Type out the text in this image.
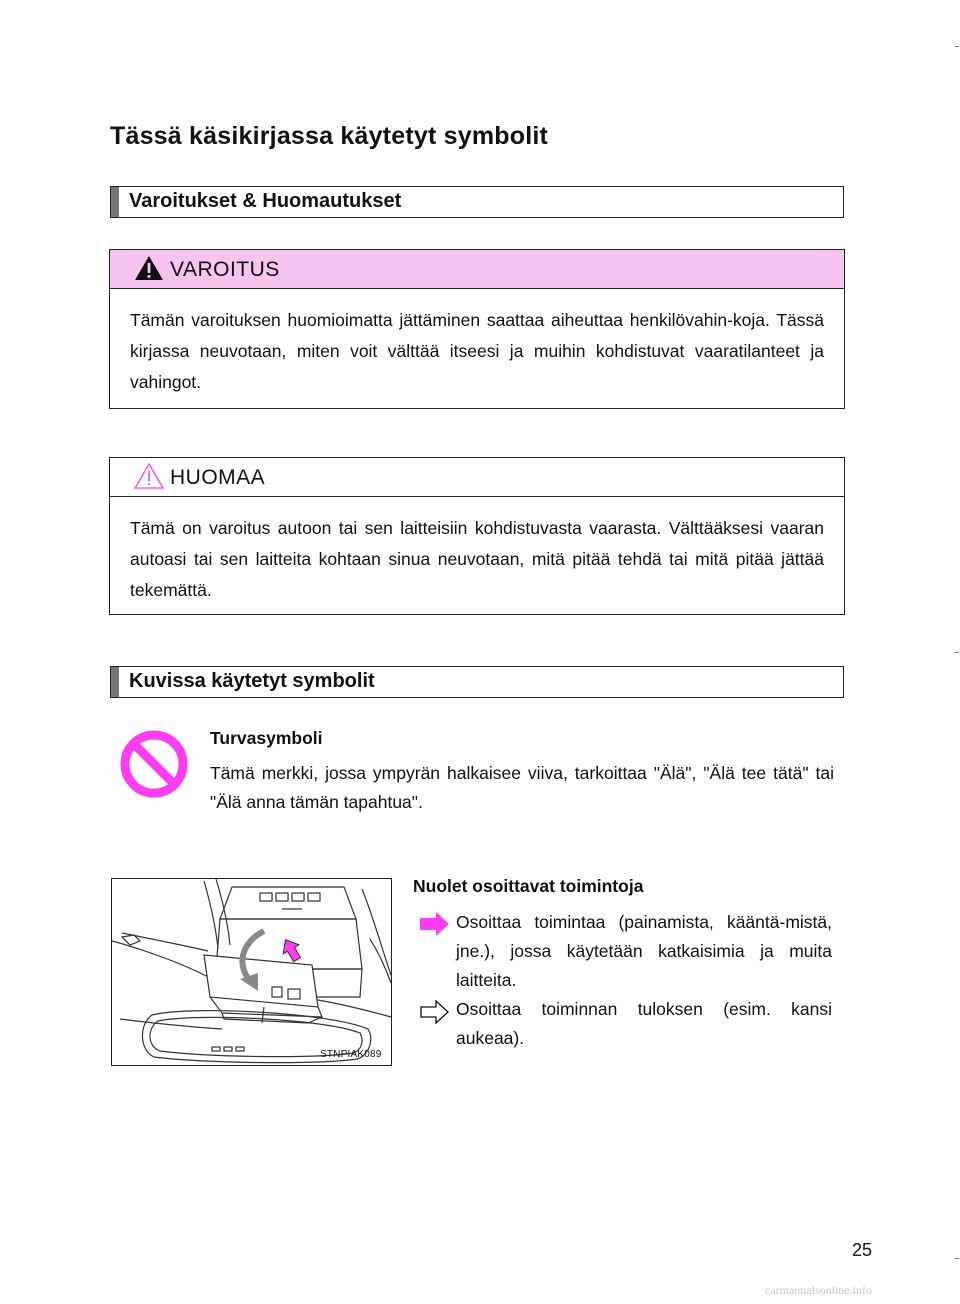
Tässä käsikirjassa käytetyt symbolit
Varoitukset & Huomautukset
VAROITUS
Tämän varoituksen huomioimatta jättäminen saattaa aiheuttaa henkilövahin-koja. Tässä kirjassa neuvotaan, miten voit välttää itseesi ja muihin kohdistuvat vaaratilanteet ja vahingot.
HUOMAA
Tämä on varoitus autoon tai sen laitteisiin kohdistuvasta vaarasta. Välttääksesi vaaran autoasi tai sen laitteita kohtaan sinua neuvotaan, mitä pitää tehdä tai mitä pitää jättää tekemättä.
Kuvissa käytetyt symbolit
Turvasymboli
Tämä merkki, jossa ympyrän halkaisee viiva, tarkoittaa "Älä", "Älä tee tätä" tai "Älä anna tämän tapahtua".
Nuolet osoittavat toimintoja
Osoittaa toimintaa (painamista, kääntä-mistä, jne.), jossa käytetään katkaisimia ja muita laitteita.
Osoittaa toiminnan tuloksen (esim. kansi aukeaa).
STNPIAK089
25
carmanualsonline.info
